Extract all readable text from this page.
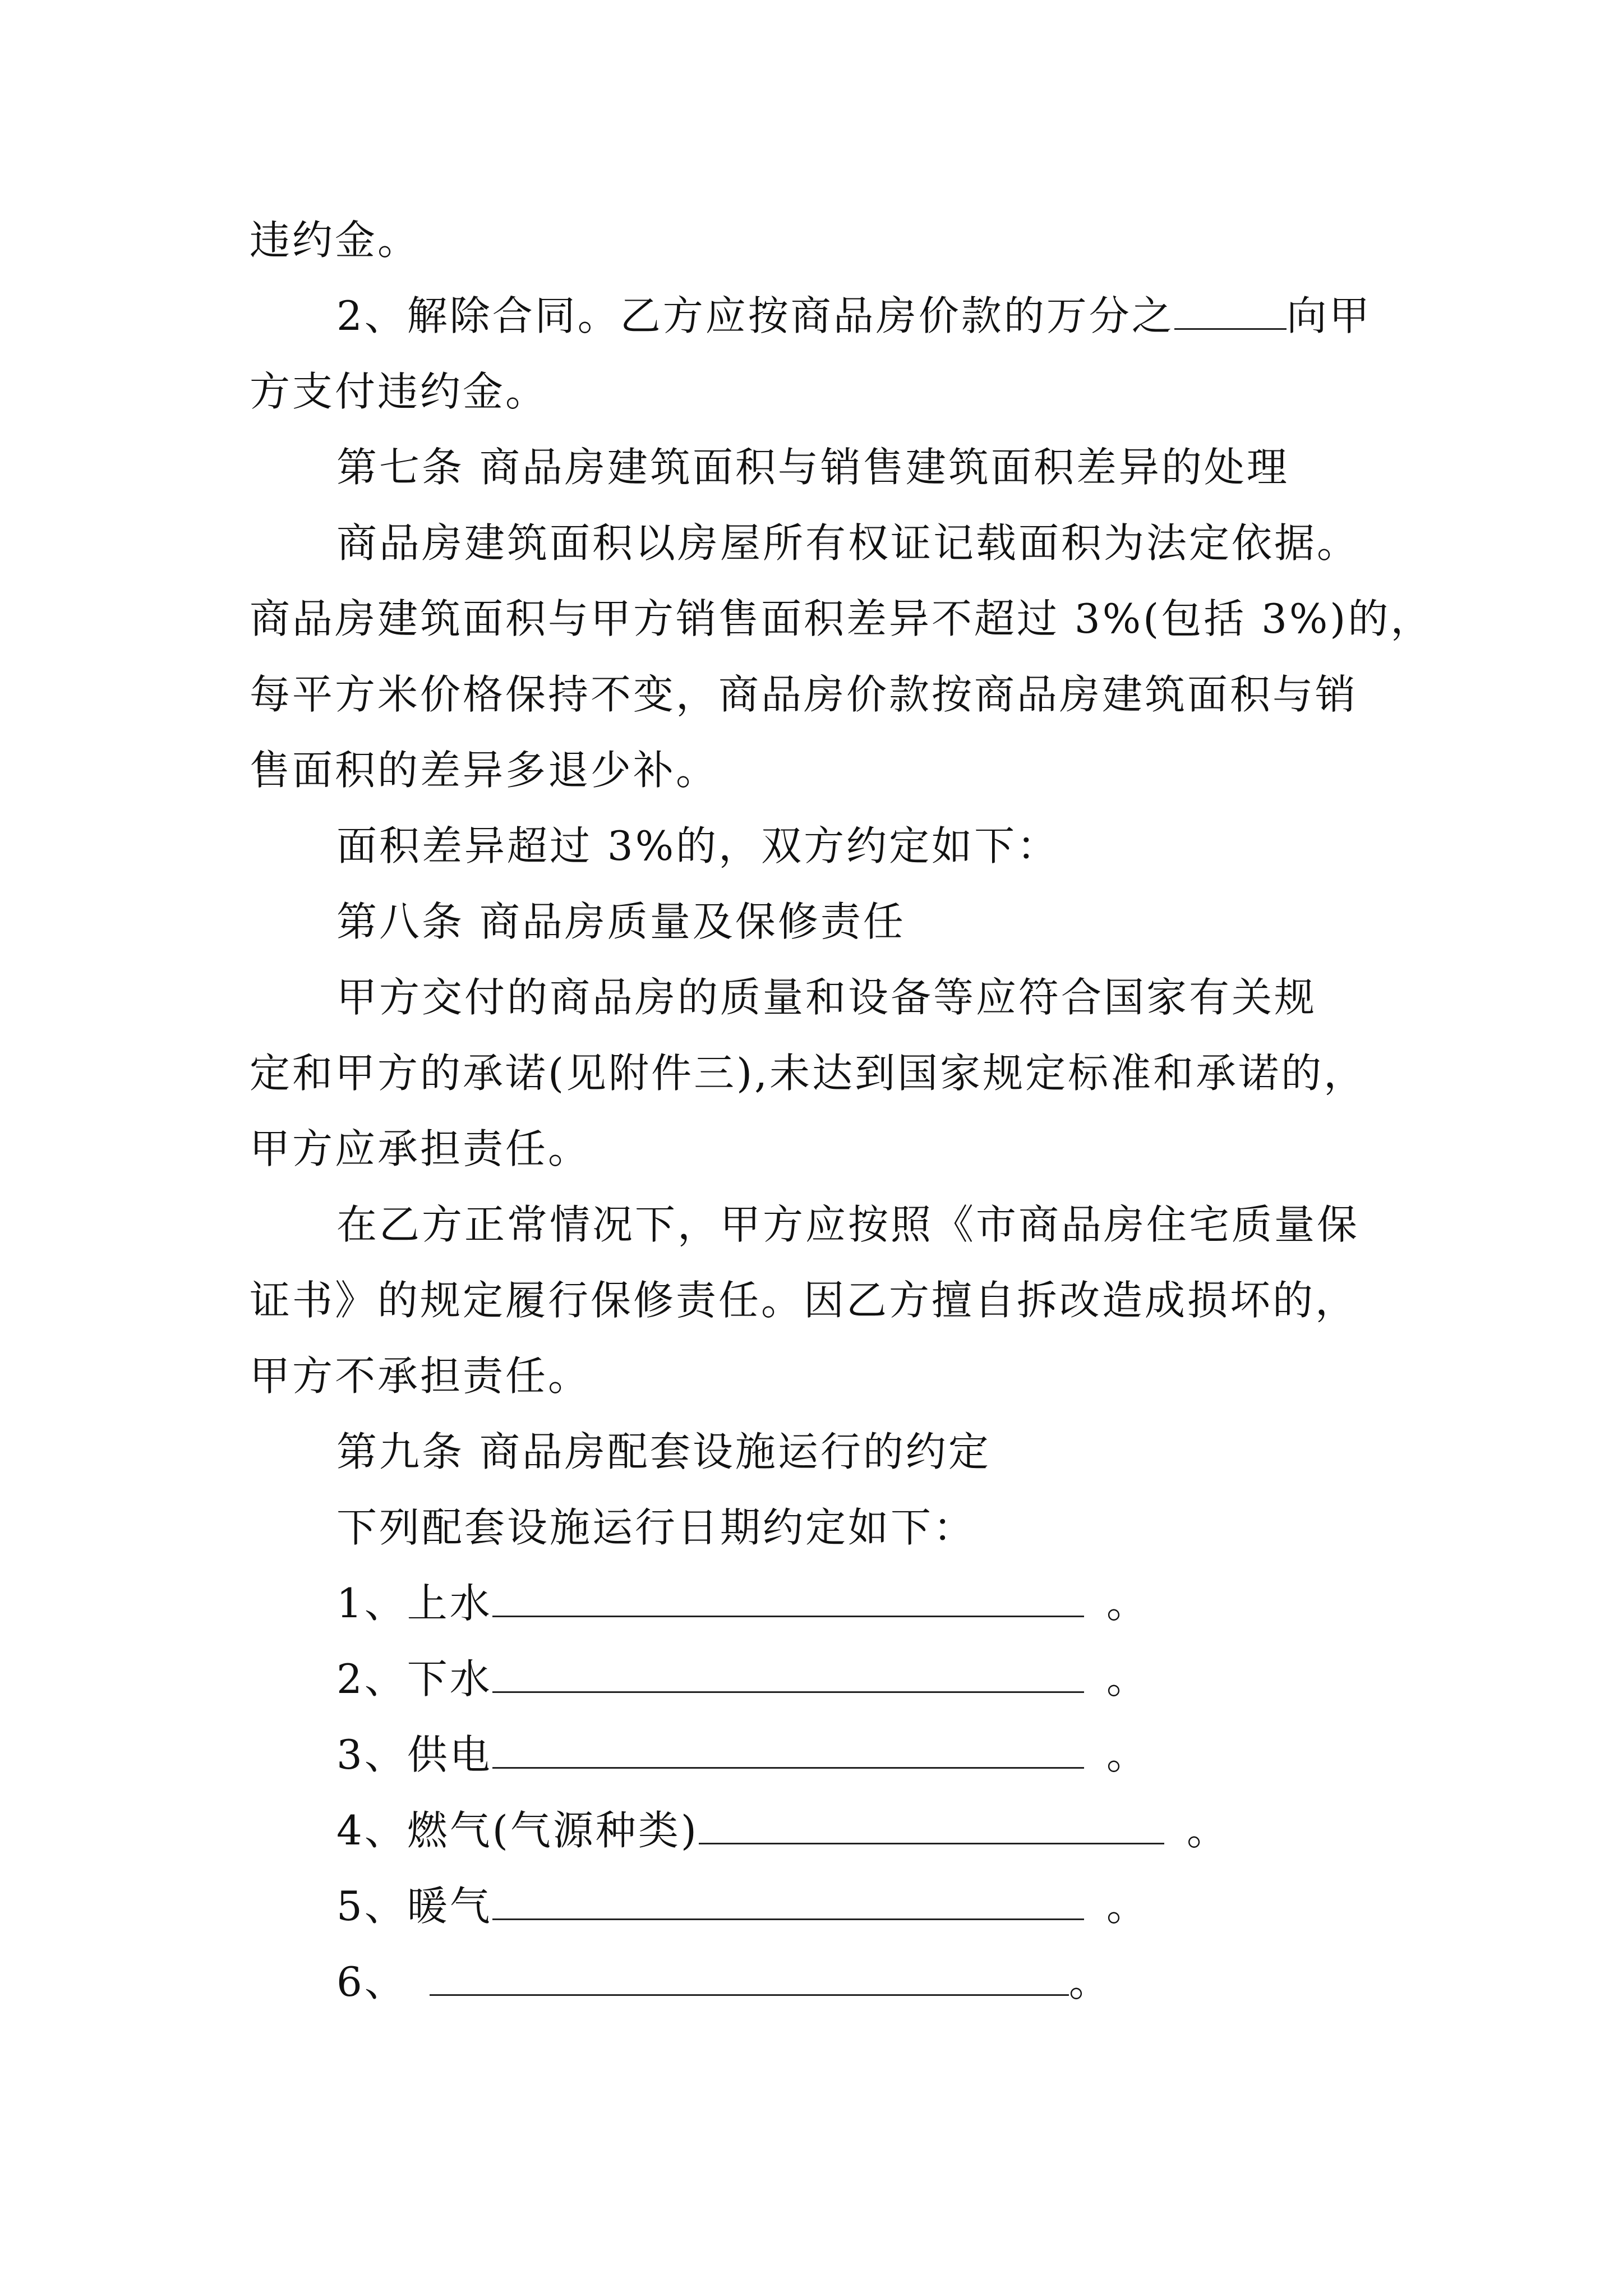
违约金。
2、解除合同。乙方应按商品房价款的万分之	向甲
方支付违约金。
第七条 商品房建筑面积与销售建筑面积差异的处理
商品房建筑面积以房屋所有权证记载面积为法定依据。
商品房建筑面积与甲方销售面积差异不超过 3%(包括 3%)的，
每平方米价格保持不变，商品房价款按商品房建筑面积与销
售面积的差异多退少补。
面积差异超过 3%的，双方约定如下：
第八条 商品房质量及保修责任
甲方交付的商品房的质量和设备等应符合国家有关规
定和甲方的承诺(见附件三),未达到国家规定标准和承诺的，
甲方应承担责任。
在乙方正常情况下，甲方应按照《市商品房住宅质量保
证书》的规定履行保修责任。因乙方擅自拆改造成损坏的，
甲方不承担责任。
第九条 商品房配套设施运行的约定
下列配套设施运行日期约定如下：
1、上水	。
2、下水	。
3、供电	。
4、燃气(气源种类)	。
5、暖气	。
6、	。
